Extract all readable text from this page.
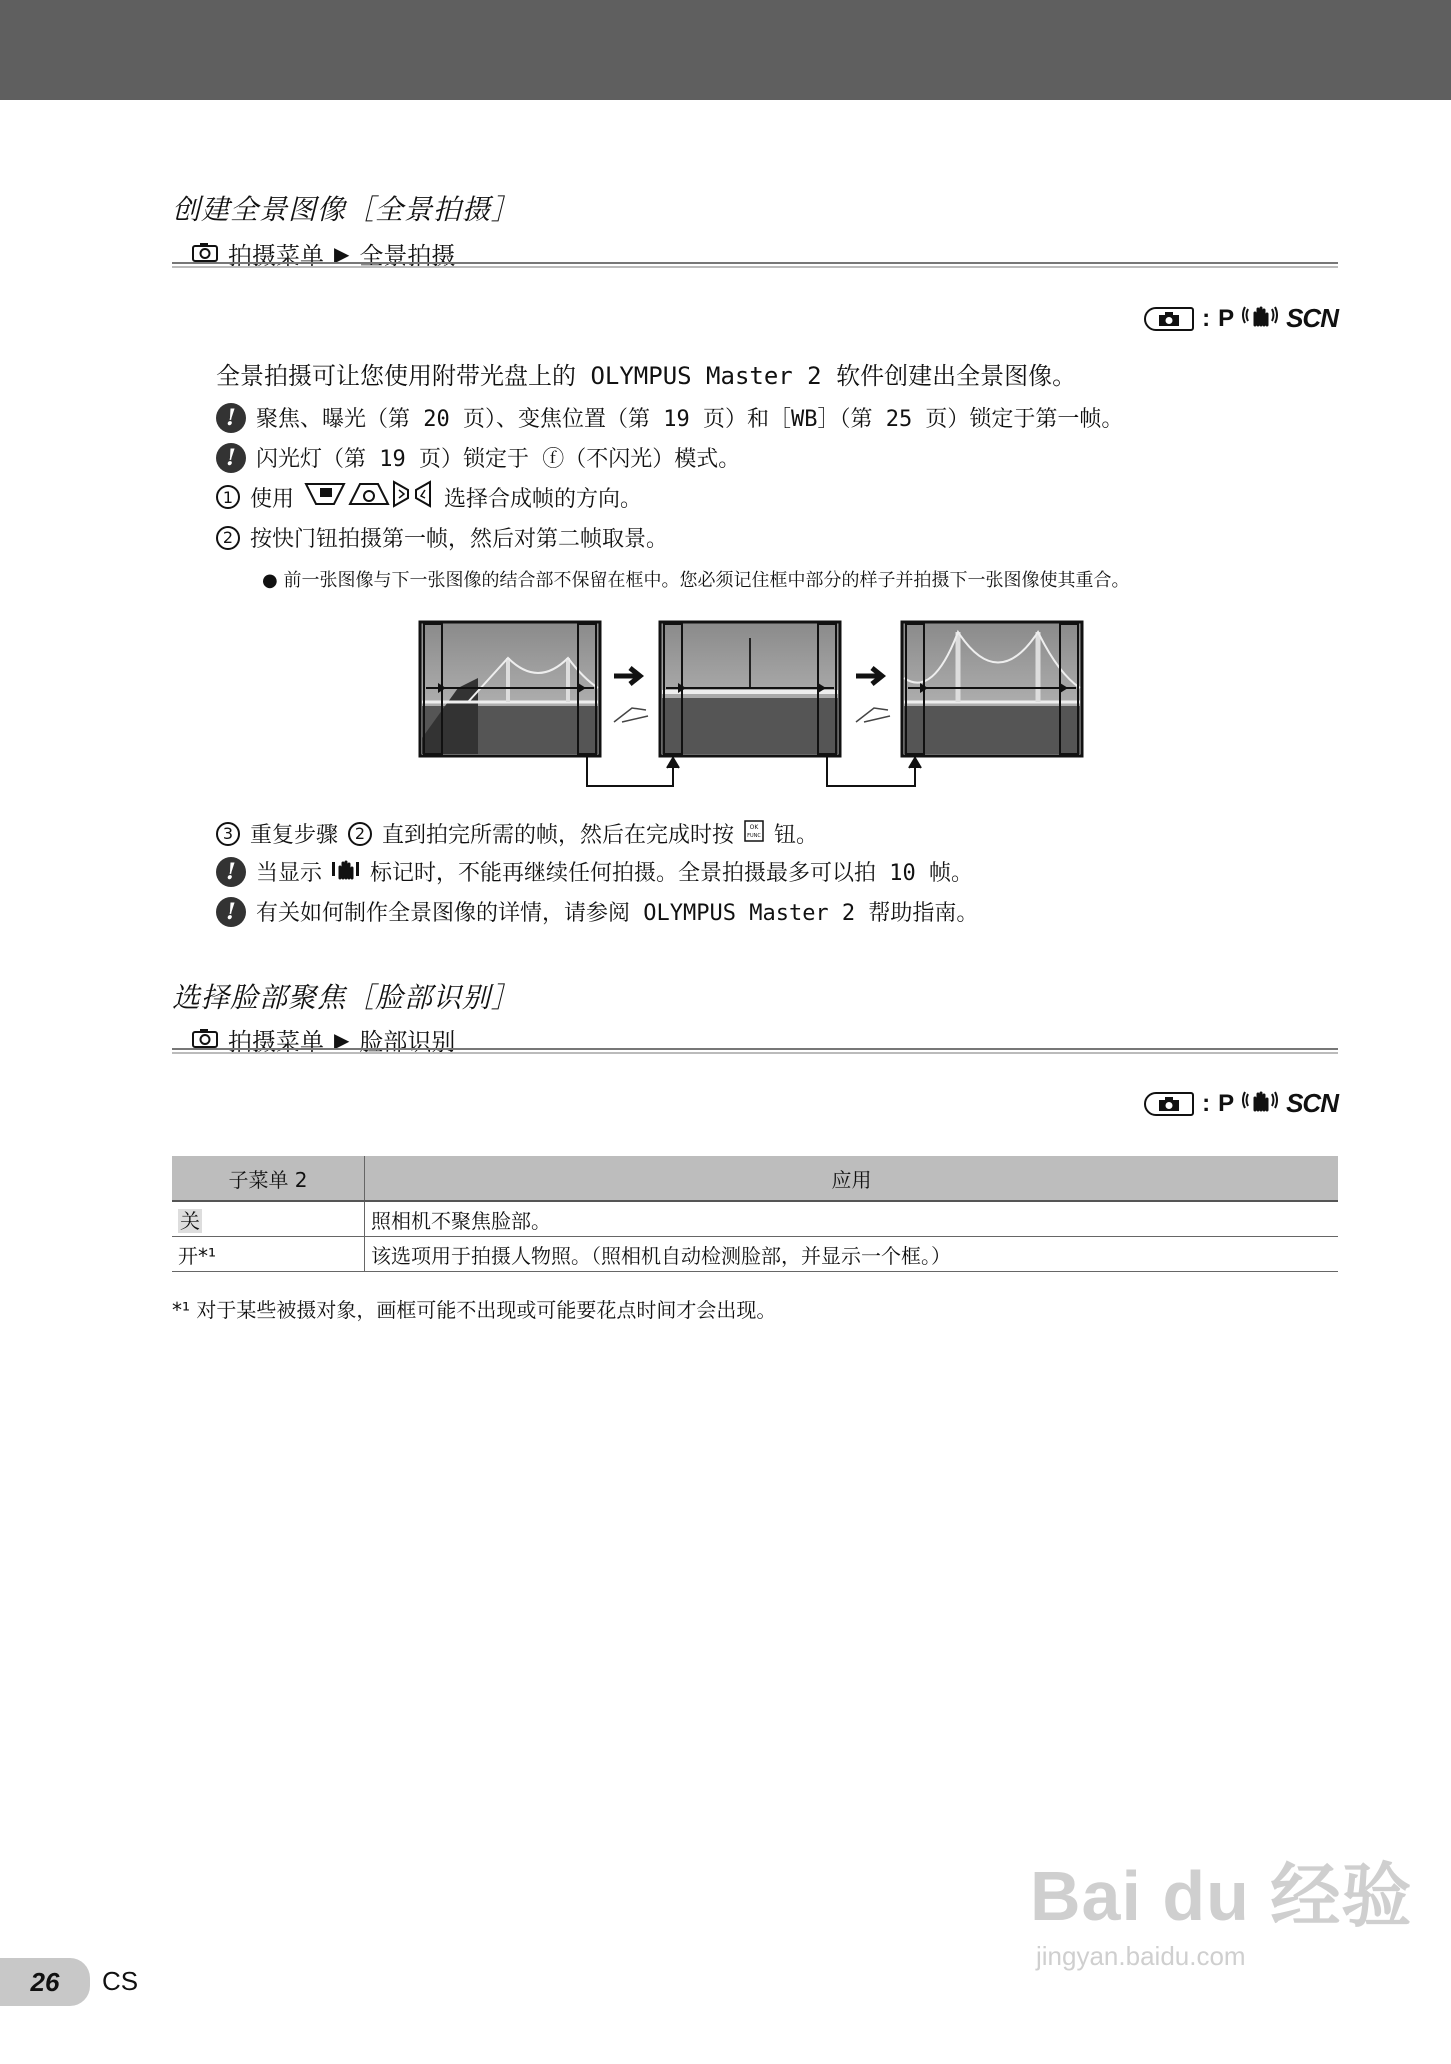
创建全景图像［全景拍摄］
拍摄菜单 ▶ 全景拍摄
: P SCN
全景拍摄可让您使用附带光盘上的 OLYMPUS Master 2 软件创建出全景图像。
! 聚焦、曝光（第 20 页）、变焦位置（第 19 页）和［WB］（第 25 页）锁定于第一帧。
! 闪光灯（第 19 页）锁定于 ⓕ（不闪光）模式。
1 使用	选择合成帧的方向。
2 按快门钮拍摄第一帧，然后对第二帧取景。
● 前一张图像与下一张图像的结合部不保留在框中。您必须记住框中部分的样子并拍摄下一张图像使其重合。
3 重复步骤	2 直到拍完所需的帧，然后在完成时按	OK
FUNC 钮。
! 当显示 标记时，不能再继续任何拍摄。全景拍摄最多可以拍 10 帧。
! 有关如何制作全景图像的详情，请参阅 OLYMPUS Master 2 帮助指南。
选择脸部聚焦［脸部识别］
拍摄菜单 ▶ 脸部识别
: P SCN
子菜单 2	应用
关	照相机不聚焦脸部。
开*¹	该选项用于拍摄人物照。（照相机自动检测脸部，并显示一个框。）
*¹ 对于某些被摄对象，画框可能不出现或可能要花点时间才会出现。
Bai du 经验
jingyan.baidu.com
26	CS
